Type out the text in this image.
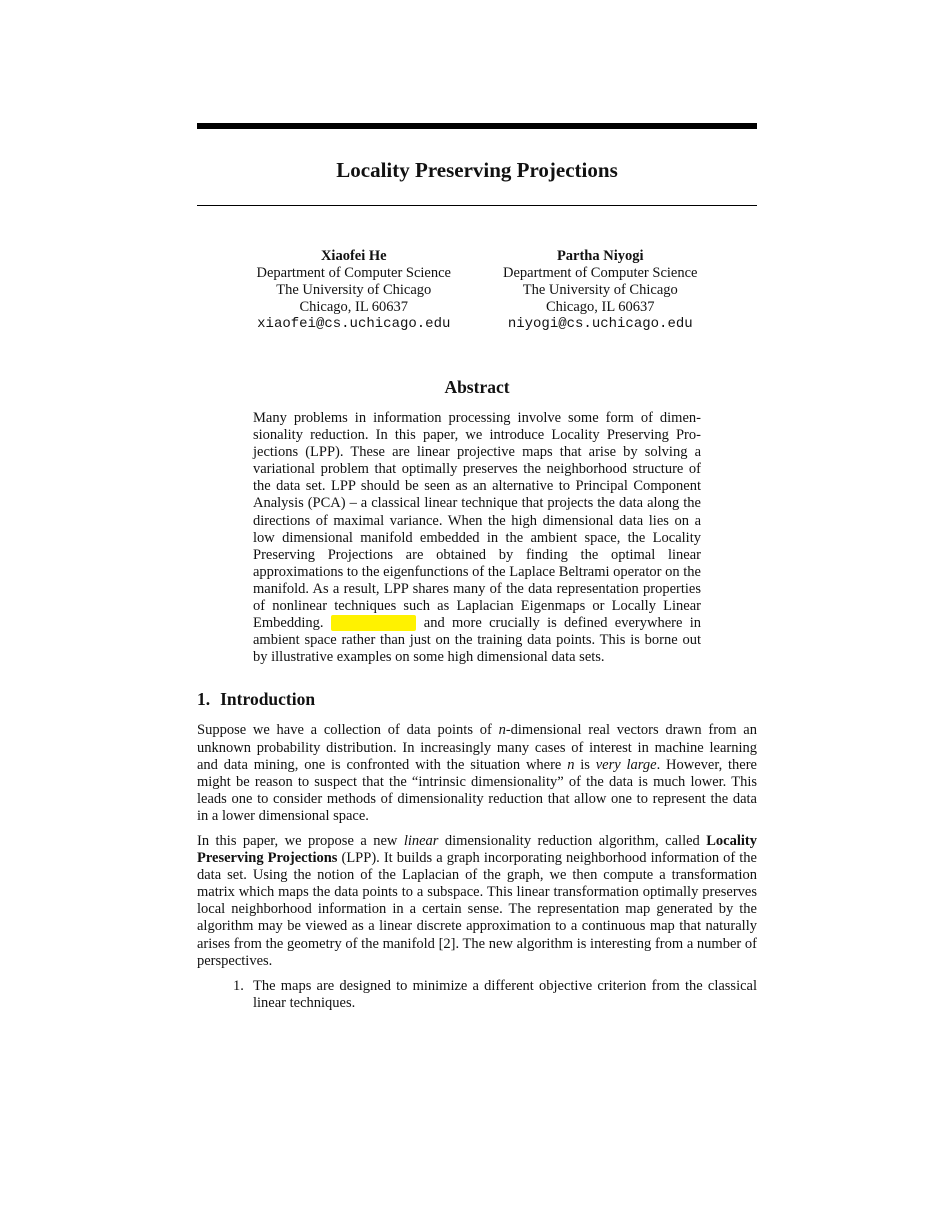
Locality Preserving Projections
Xiaofei He
Department of Computer Science
The University of Chicago
Chicago, IL 60637
xiaofei@cs.uchicago.edu
Partha Niyogi
Department of Computer Science
The University of Chicago
Chicago, IL 60637
niyogi@cs.uchicago.edu
Abstract
Many problems in information processing involve some form of dimensionality reduction. In this paper, we introduce Locality Preserving Projections (LPP). These are linear projective maps that arise by solving a variational problem that optimally preserves the neighborhood structure of the data set. LPP should be seen as an alternative to Principal Component Analysis (PCA) – a classical linear technique that projects the data along the directions of maximal variance. When the high dimensional data lies on a low dimensional manifold embedded in the ambient space, the Locality Preserving Projections are obtained by finding the optimal linear approximations to the eigenfunctions of the Laplace Beltrami operator on the manifold. As a result, LPP shares many of the data representation properties of nonlinear techniques such as Laplacian Eigenmaps or Locally Linear Embedding.	and more crucially is defined everywhere in ambient space rather than just on the training data points. This is borne out by illustrative examples on some high dimensional data sets.
1. Introduction
Suppose we have a collection of data points of n-dimensional real vectors drawn from an unknown probability distribution. In increasingly many cases of interest in machine learning and data mining, one is confronted with the situation where n is very large. However, there might be reason to suspect that the “intrinsic dimensionality” of the data is much lower. This leads one to consider methods of dimensionality reduction that allow one to represent the data in a lower dimensional space.
In this paper, we propose a new linear dimensionality reduction algorithm, called Locality Preserving Projections (LPP). It builds a graph incorporating neighborhood information of the data set. Using the notion of the Laplacian of the graph, we then compute a transformation matrix which maps the data points to a subspace. This linear transformation optimally preserves local neighborhood information in a certain sense. The representation map generated by the algorithm may be viewed as a linear discrete approximation to a continuous map that naturally arises from the geometry of the manifold [2]. The new algorithm is interesting from a number of perspectives.
1. The maps are designed to minimize a different objective criterion from the classical linear techniques.
